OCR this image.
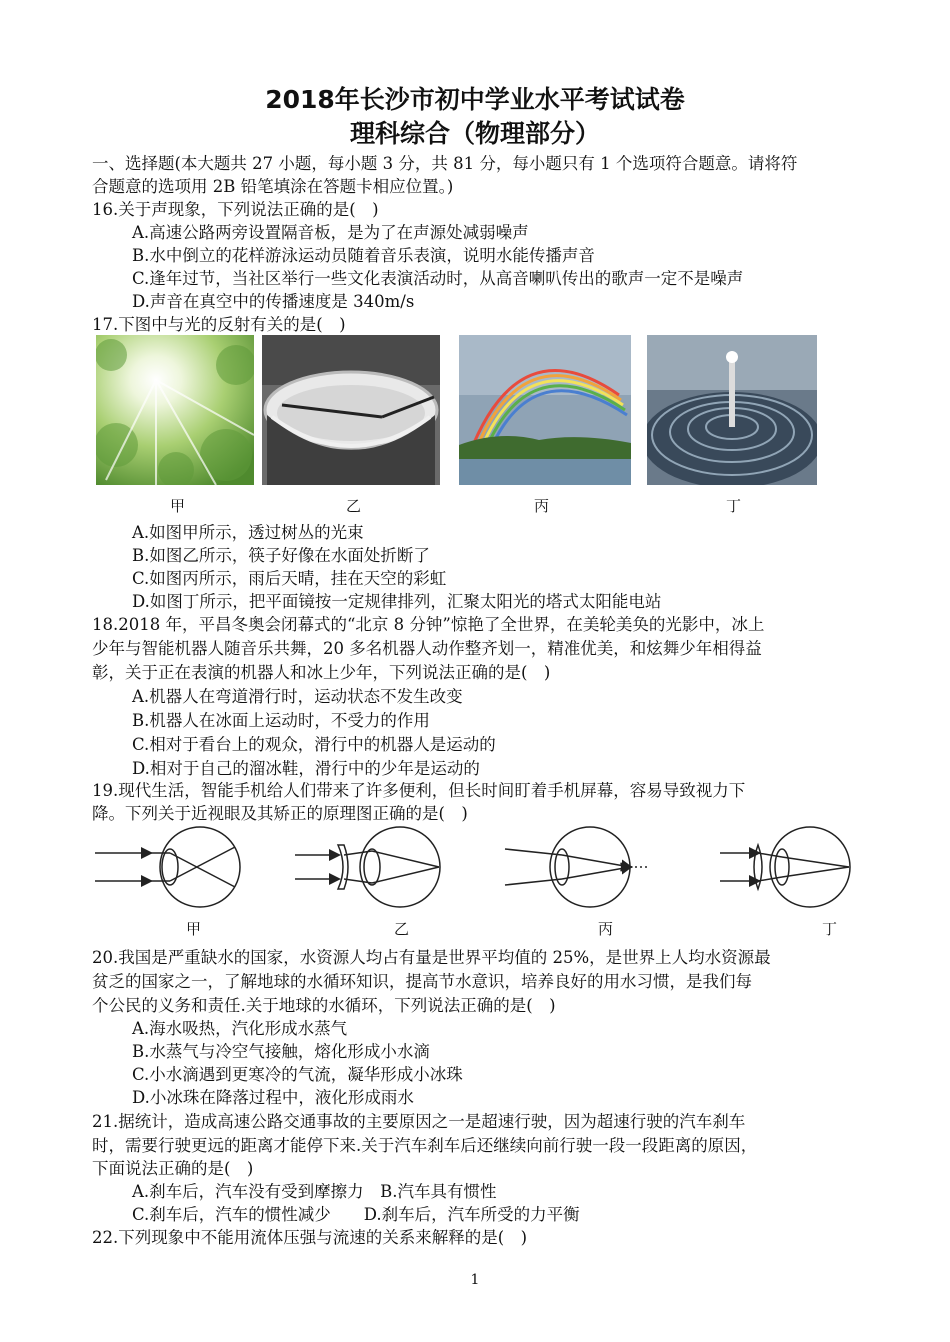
2018年长沙市初中学业水平考试试卷
理科综合（物理部分）
一、选择题(本大题共 27 小题，每小题 3 分，共 81 分，每小题只有 1 个选项符合题意。请将符
合题意的选项用 2B 铅笔填涂在答题卡相应位置。)
16.关于声现象，下列说法正确的是(　)
A.高速公路两旁设置隔音板，是为了在声源处减弱噪声
B.水中倒立的花样游泳运动员随着音乐表演，说明水能传播声音
C.逢年过节，当社区举行一些文化表演活动时，从高音喇叭传出的歌声一定不是噪声
D.声音在真空中的传播速度是 340m/s
17.下图中与光的反射有关的是(　)
甲	乙	丙	丁
A.如图甲所示，透过树丛的光束
B.如图乙所示，筷子好像在水面处折断了
C.如图丙所示，雨后天晴，挂在天空的彩虹
D.如图丁所示，把平面镜按一定规律排列，汇聚太阳光的塔式太阳能电站
18.2018 年，平昌冬奥会闭幕式的“北京 8 分钟”惊艳了全世界，在美轮美奂的光影中，冰上
少年与智能机器人随音乐共舞，20 多名机器人动作整齐划一，精准优美，和炫舞少年相得益
彰，关于正在表演的机器人和冰上少年，下列说法正确的是(　)
A.机器人在弯道滑行时，运动状态不发生改变
B.机器人在冰面上运动时，不受力的作用
C.相对于看台上的观众，滑行中的机器人是运动的
D.相对于自己的溜冰鞋，滑行中的少年是运动的
19.现代生活，智能手机给人们带来了许多便利，但长时间盯着手机屏幕，容易导致视力下
降。下列关于近视眼及其矫正的原理图正确的是(　)
甲	乙	丙	丁
20.我国是严重缺水的国家，水资源人均占有量是世界平均值的 25%，是世界上人均水资源最
贫乏的国家之一，了解地球的水循环知识，提高节水意识，培养良好的用水习惯，是我们每
个公民的义务和责任.关于地球的水循环，下列说法正确的是(　)
A.海水吸热，汽化形成水蒸气
B.水蒸气与冷空气接触，熔化形成小水滴
C.小水滴遇到更寒冷的气流，凝华形成小冰珠
D.小冰珠在降落过程中，液化形成雨水
21.据统计，造成高速公路交通事故的主要原因之一是超速行驶，因为超速行驶的汽车刹车
时，需要行驶更远的距离才能停下来.关于汽车刹车后还继续向前行驶一段一段距离的原因，
下面说法正确的是(　)
A.刹车后，汽车没有受到摩擦力　B.汽车具有惯性
C.刹车后，汽车的惯性减少　　D.刹车后，汽车所受的力平衡
22.下列现象中不能用流体压强与流速的关系来解释的是(　)
1
